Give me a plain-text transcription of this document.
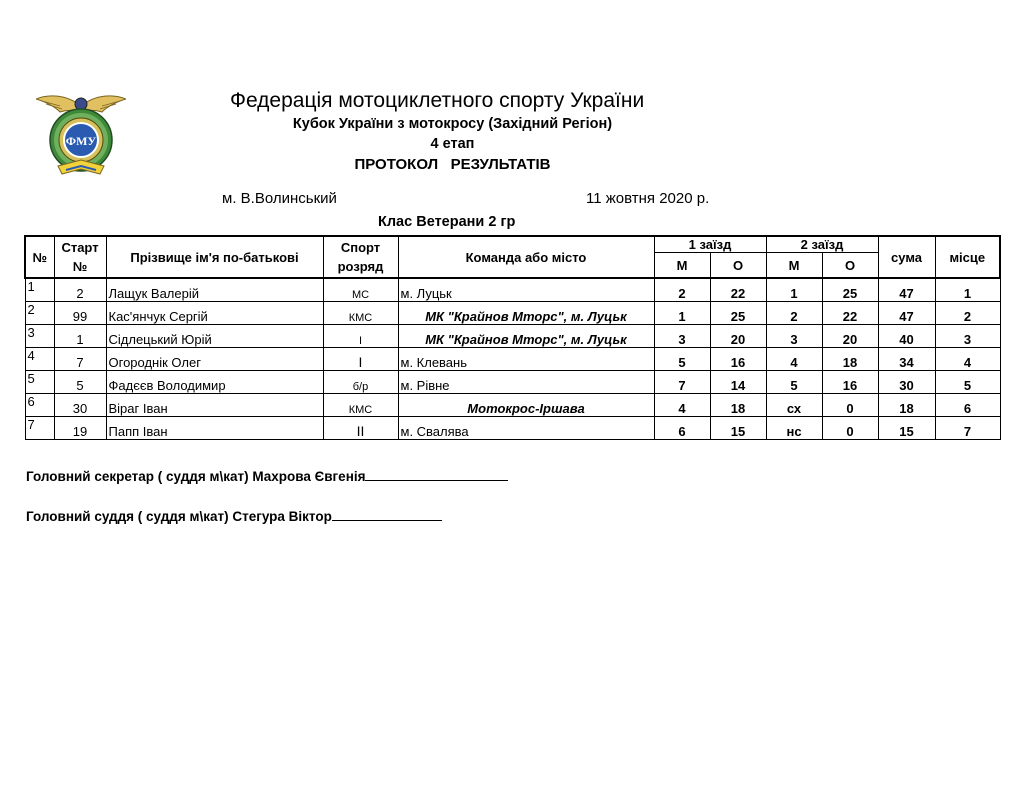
ФМУ
Федерація мотоциклетного спорту України
Кубок України з мотокросу (Західний Регіон)
4 етап
ПРОТОКОЛ   РЕЗУЛЬТАТІВ
м. В.Волинський	11 жовтня 2020 р.
Клас Ветерани 2 гр
№	Старт №	Прізвище ім'я по-батькові	Спорт розряд	Команда або місто	1 заїзд		2 заїзд		сума	місце
					М	О	М	О		
1	2	Лащук Валерій	МС	м. Луцьк	2	22	1	25	47	1
2	99	Кас'янчук Сергій	КМС	МК "Крайнов Мторс", м. Луцьк	1	25	2	22	47	2
3	1	Сідлецький Юрій	І	МК "Крайнов Мторс", м. Луцьк	3	20	3	20	40	3
4	7	Огороднік Олег	І	м. Клевань	5	16	4	18	34	4
5	5	Фадєєв Володимир	б/р	м. Рівне	7	14	5	16	30	5
6	30	Віраг Іван	КМС	Мотокрос-Іршава	4	18	сх	0	18	6
7	19	Папп Іван	ІІ	м. Свалява	6	15	нс	0	15	7
Головний секретар ( суддя м\кат) Махрова Євгенія
Головний суддя ( суддя м\кат) Стегура Віктор
